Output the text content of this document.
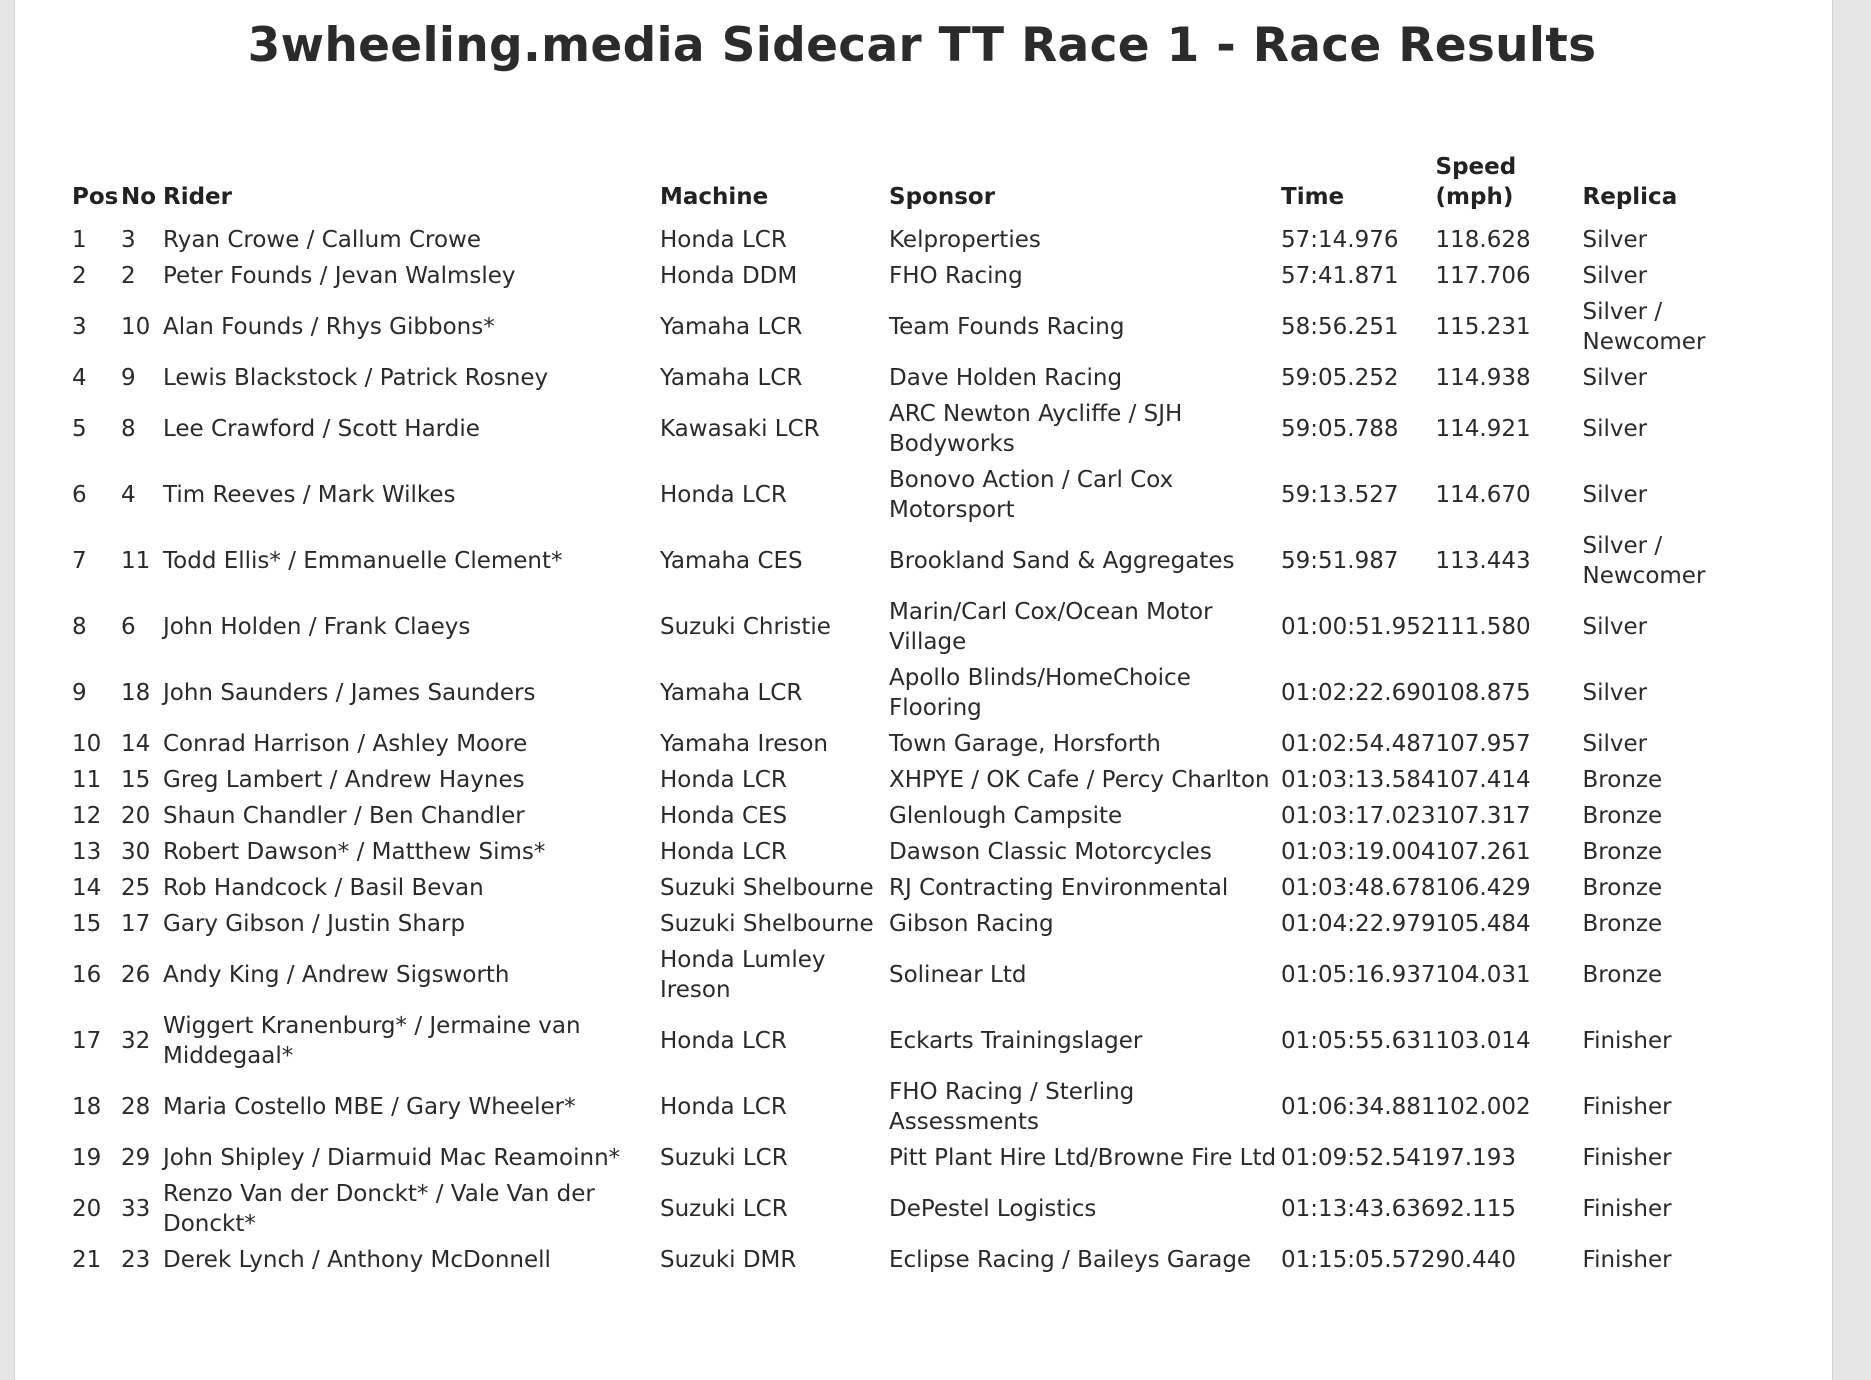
3wheeling.media Sidecar TT Race 1 - Race Results
Pos	No	Rider	Machine	Sponsor	Time	Speed (mph)	Replica
1	3	Ryan Crowe / Callum Crowe	Honda LCR	Kelproperties	57:14.976	118.628	Silver
2	2	Peter Founds / Jevan Walmsley	Honda DDM	FHO Racing	57:41.871	117.706	Silver
3	10	Alan Founds / Rhys Gibbons*	Yamaha LCR	Team Founds Racing	58:56.251	115.231	Silver / Newcomer
4	9	Lewis Blackstock / Patrick Rosney	Yamaha LCR	Dave Holden Racing	59:05.252	114.938	Silver
5	8	Lee Crawford / Scott Hardie	Kawasaki LCR	ARC Newton Aycliffe / SJH Bodyworks	59:05.788	114.921	Silver
6	4	Tim Reeves / Mark Wilkes	Honda LCR	Bonovo Action / Carl Cox Motorsport	59:13.527	114.670	Silver
7	11	Todd Ellis* / Emmanuelle Clement*	Yamaha CES	Brookland Sand & Aggregates	59:51.987	113.443	Silver / Newcomer
8	6	John Holden / Frank Claeys	Suzuki Christie	Marin/Carl Cox/Ocean Motor Village	01:00:51.952	111.580	Silver
9	18	John Saunders / James Saunders	Yamaha LCR	Apollo Blinds/HomeChoice Flooring	01:02:22.690	108.875	Silver
10	14	Conrad Harrison / Ashley Moore	Yamaha Ireson	Town Garage, Horsforth	01:02:54.487	107.957	Silver
11	15	Greg Lambert / Andrew Haynes	Honda LCR	XHPYE / OK Cafe / Percy Charlton	01:03:13.584	107.414	Bronze
12	20	Shaun Chandler / Ben Chandler	Honda CES	Glenlough Campsite	01:03:17.023	107.317	Bronze
13	30	Robert Dawson* / Matthew Sims*	Honda LCR	Dawson Classic Motorcycles	01:03:19.004	107.261	Bronze
14	25	Rob Handcock / Basil Bevan	Suzuki Shelbourne	RJ Contracting Environmental	01:03:48.678	106.429	Bronze
15	17	Gary Gibson / Justin Sharp	Suzuki Shelbourne	Gibson Racing	01:04:22.979	105.484	Bronze
16	26	Andy King / Andrew Sigsworth	Honda Lumley Ireson	Solinear Ltd	01:05:16.937	104.031	Bronze
17	32	Wiggert Kranenburg* / Jermaine van Middegaal*	Honda LCR	Eckarts Trainingslager	01:05:55.631	103.014	Finisher
18	28	Maria Costello MBE / Gary Wheeler*	Honda LCR	FHO Racing / Sterling Assessments	01:06:34.881	102.002	Finisher
19	29	John Shipley / Diarmuid Mac Reamoinn*	Suzuki LCR	Pitt Plant Hire Ltd/Browne Fire Ltd	01:09:52.541	97.193	Finisher
20	33	Renzo Van der Donckt* / Vale Van der Donckt*	Suzuki LCR	DePestel Logistics	01:13:43.636	92.115	Finisher
21	23	Derek Lynch / Anthony McDonnell	Suzuki DMR	Eclipse Racing / Baileys Garage	01:15:05.572	90.440	Finisher
